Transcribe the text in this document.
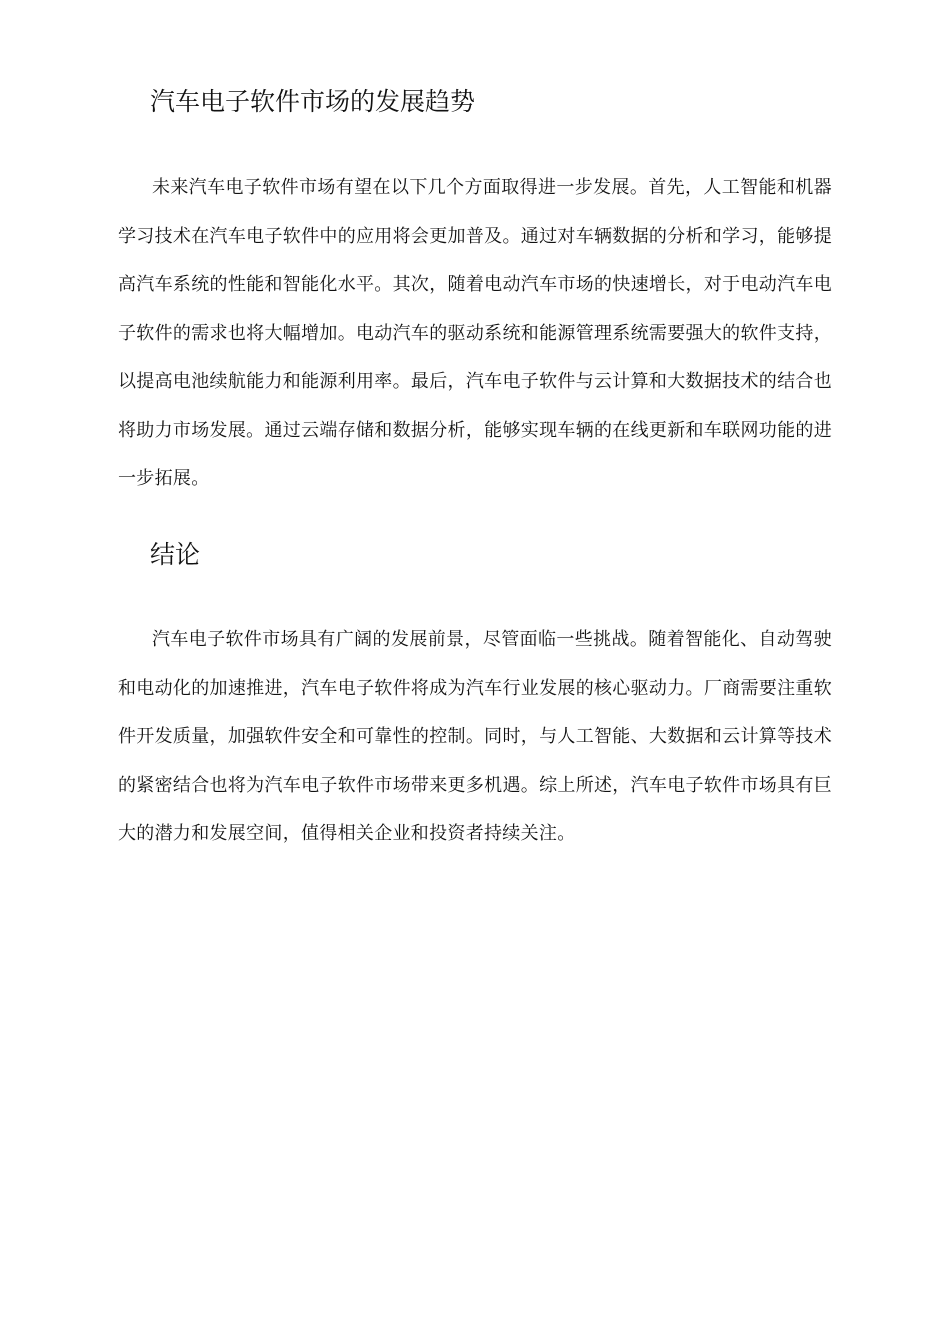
汽车电子软件市场的发展趋势
未来汽车电子软件市场有望在以下几个方面取得进一步发展。首先，人工智能和机器学习技术在汽车电子软件中的应用将会更加普及。通过对车辆数据的分析和学习，能够提高汽车系统的性能和智能化水平。其次，随着电动汽车市场的快速增长，对于电动汽车电子软件的需求也将大幅增加。电动汽车的驱动系统和能源管理系统需要强大的软件支持，以提高电池续航能力和能源利用率。最后，汽车电子软件与云计算和大数据技术的结合也将助力市场发展。通过云端存储和数据分析，能够实现车辆的在线更新和车联网功能的进一步拓展。
结论
汽车电子软件市场具有广阔的发展前景，尽管面临一些挑战。随着智能化、自动驾驶和电动化的加速推进，汽车电子软件将成为汽车行业发展的核心驱动力。厂商需要注重软件开发质量，加强软件安全和可靠性的控制。同时，与人工智能、大数据和云计算等技术的紧密结合也将为汽车电子软件市场带来更多机遇。综上所述，汽车电子软件市场具有巨大的潜力和发展空间，值得相关企业和投资者持续关注。
